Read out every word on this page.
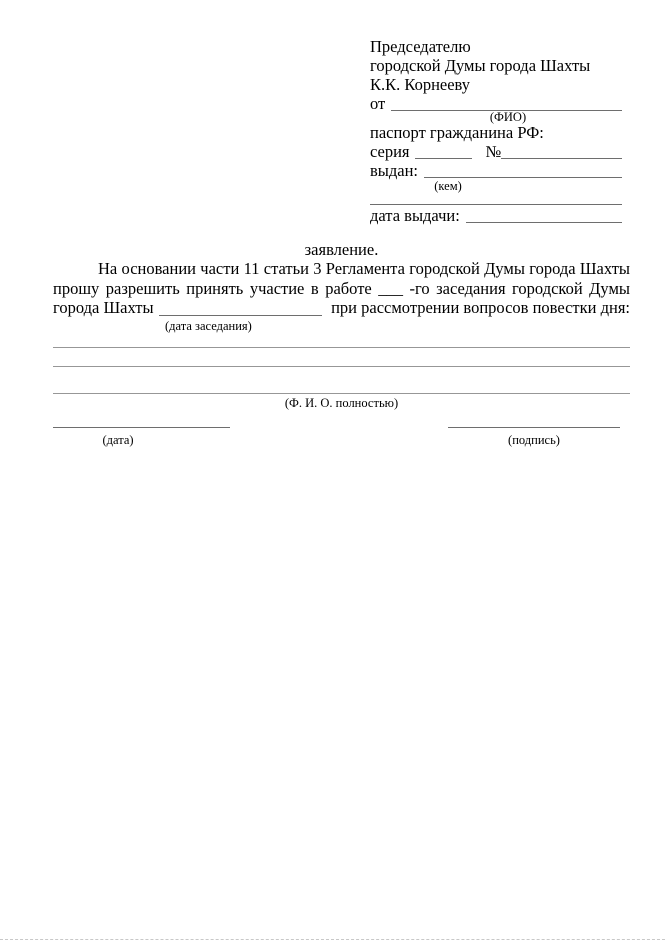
Председателю
городской Думы города Шахты
К.К. Корнееву
от
(ФИО)
паспорт гражданина РФ:
серия	№
выдан:
(кем)
дата выдачи:
заявление.
На основании части 11 статьи 3 Регламента городской Думы города Шахты
прошу разрешить принять участие в работе ___ -го заседания городской Думы
города Шахты	при рассмотрении вопросов повестки дня:
(дата заседания)
(Ф. И. О. полностью)
(дата)	(подпись)
